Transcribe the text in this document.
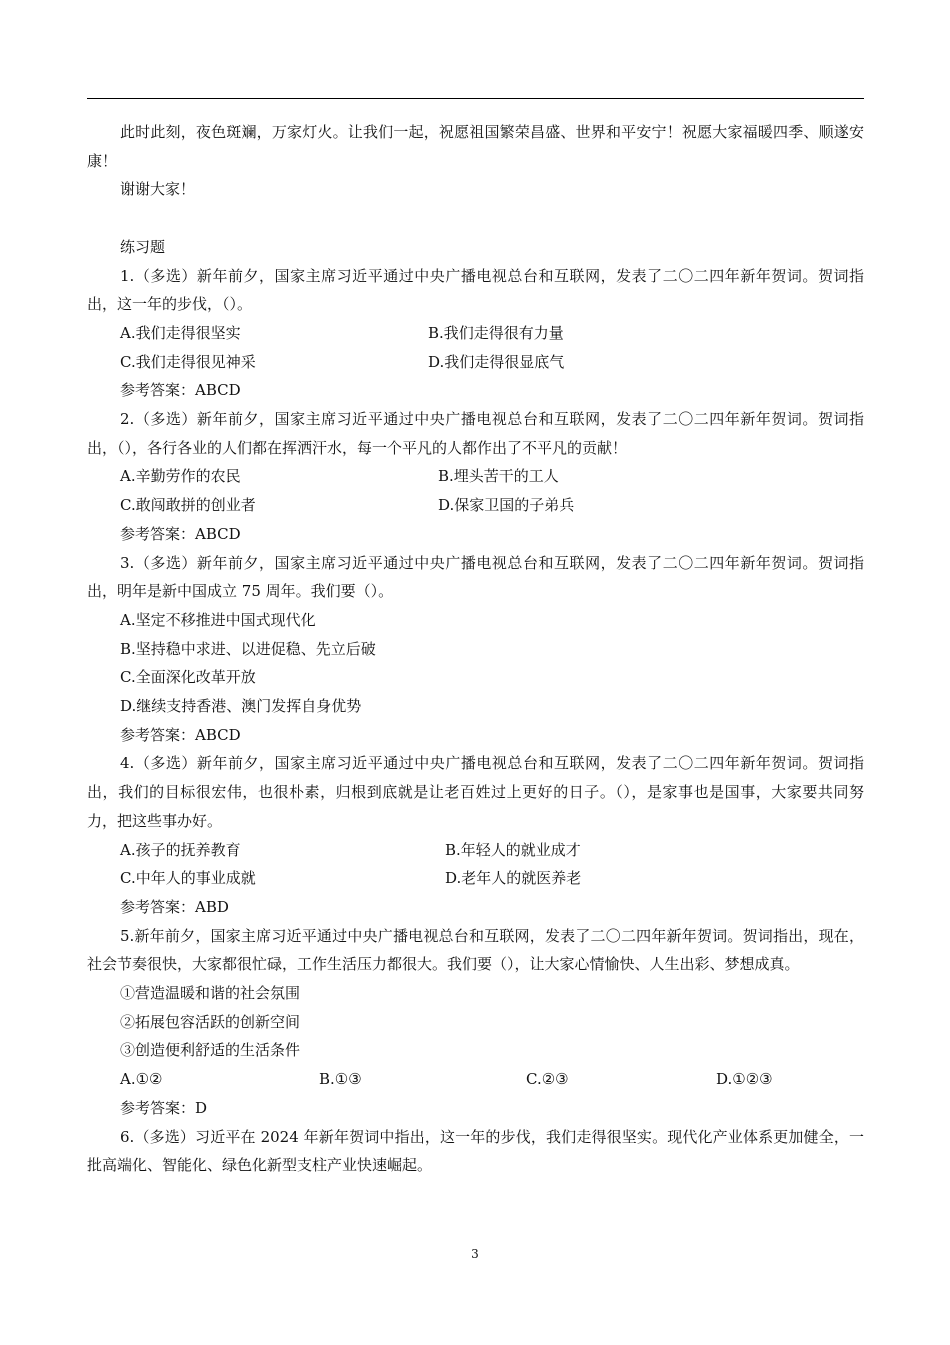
此时此刻，夜色斑斓，万家灯火。让我们一起，祝愿祖国繁荣昌盛、世界和平安宁！祝愿大家福暖四季、顺遂安康！

谢谢大家！

练习题

1.（多选）新年前夕，国家主席习近平通过中央广播电视总台和互联网，发表了二〇二四年新年贺词。贺词指出，这一年的步伐，（）。

A.我们走得很坚实	B.我们走得很有力量
C.我们走得很见神采	D.我们走得很显底气

参考答案：ABCD

2.（多选）新年前夕，国家主席习近平通过中央广播电视总台和互联网，发表了二〇二四年新年贺词。贺词指出，（），各行各业的人们都在挥洒汗水，每一个平凡的人都作出了不平凡的贡献！

A.辛勤劳作的农民	B.埋头苦干的工人
C.敢闯敢拼的创业者	D.保家卫国的子弟兵

参考答案：ABCD

3.（多选）新年前夕，国家主席习近平通过中央广播电视总台和互联网，发表了二〇二四年新年贺词。贺词指出，明年是新中国成立 75 周年。我们要（）。

A.坚定不移推进中国式现代化

B.坚持稳中求进、以进促稳、先立后破

C.全面深化改革开放

D.继续支持香港、澳门发挥自身优势

参考答案：ABCD

4.（多选）新年前夕，国家主席习近平通过中央广播电视总台和互联网，发表了二〇二四年新年贺词。贺词指出，我们的目标很宏伟，也很朴素，归根到底就是让老百姓过上更好的日子。（），是家事也是国事，大家要共同努力，把这些事办好。

A.孩子的抚养教育	B.年轻人的就业成才
C.中年人的事业成就	D.老年人的就医养老

参考答案：ABD

5.新年前夕，国家主席习近平通过中央广播电视总台和互联网，发表了二〇二四年新年贺词。贺词指出，现在，社会节奏很快，大家都很忙碌，工作生活压力都很大。我们要（），让大家心情愉快、人生出彩、梦想成真。

①营造温暖和谐的社会氛围

②拓展包容活跃的创新空间

③创造便利舒适的生活条件

A.①②	B.①③	C.②③	D.①②③

参考答案：D

6.（多选）习近平在 2024 年新年贺词中指出，这一年的步伐，我们走得很坚实。现代化产业体系更加健全，一批高端化、智能化、绿色化新型支柱产业快速崛起。

3
